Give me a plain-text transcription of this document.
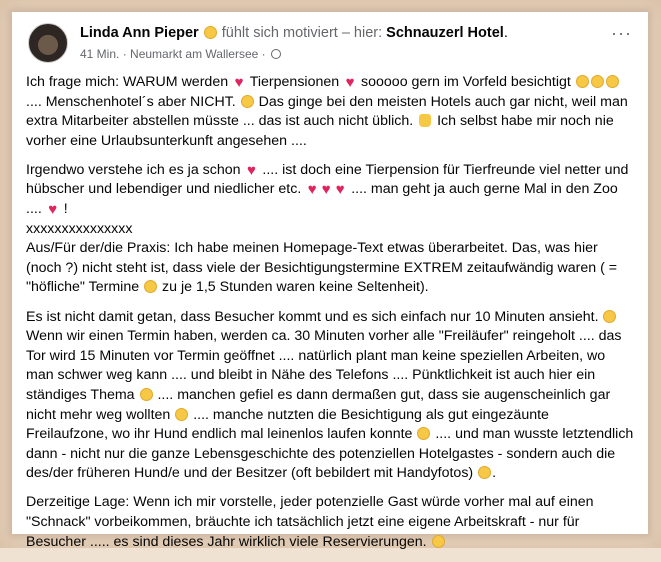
Linda Ann Pieper fühlt sich motiviert – hier: Schnauzerl Hotel.
41 Min. · Neumarkt am Wallersee ·
···

Ich frage mich: WARUM werden ♥ Tierpensionen ♥ sooooo gern im Vorfeld besichtigt  .... Menschenhotel´s aber NICHT. Das ginge bei den meisten Hotels auch gar nicht, weil man extra Mitarbeiter abstellen müsste ... das ist auch nicht üblich. Ich selbst habe mir noch nie vorher eine Urlaubsunterkunft angesehen ....

Irgendwo verstehe ich es ja schon ♥ .... ist doch eine Tierpension für Tierfreunde viel netter und hübscher und lebendiger und niedlicher etc. ♥ ♥ ♥ .... man geht ja auch gerne Mal in den Zoo .... ♥ !
xxxxxxxxxxxxxxx
Aus/Für der/die Praxis: Ich habe meinen Homepage-Text etwas überarbeitet. Das, was hier (noch ?) nicht steht ist, dass viele der Besichtigungstermine EXTREM zeitaufwändig waren ( = "höfliche" Termine zu je 1,5 Stunden waren keine Seltenheit).

Es ist nicht damit getan, dass Besucher kommt und es sich einfach nur 10 Minuten ansieht.  Wenn wir einen Termin haben, werden ca. 30 Minuten vorher alle "Freiläufer" reingeholt .... das Tor wird 15 Minuten vor Termin geöffnet .... natürlich plant man keine speziellen Arbeiten, wo man schwer weg kann .... und bleibt in Nähe des Telefons .... Pünktlichkeit ist auch hier ein ständiges Thema .... manchen gefiel es dann dermaßen gut, dass sie augenscheinlich gar nicht mehr weg wollten .... manche nutzten die Besichtigung als gut eingezäunte Freilaufzone, wo ihr Hund endlich mal leinenlos laufen konnte .... und man wusste letztendlich dann - nicht nur die ganze Lebensgeschichte des potenziellen Hotelgastes - sondern auch die des/der früheren Hund/e und der Besitzer (oft bebildert mit Handyfotos) .

Derzeitige Lage: Wenn ich mir vorstelle, jeder potenzielle Gast würde vorher mal auf einen "Schnack" vorbeikommen, bräuchte ich tatsächlich jetzt eine eigene Arbeitskraft - nur für Besucher ..... es sind dieses Jahr wirklich viele Reservierungen.
